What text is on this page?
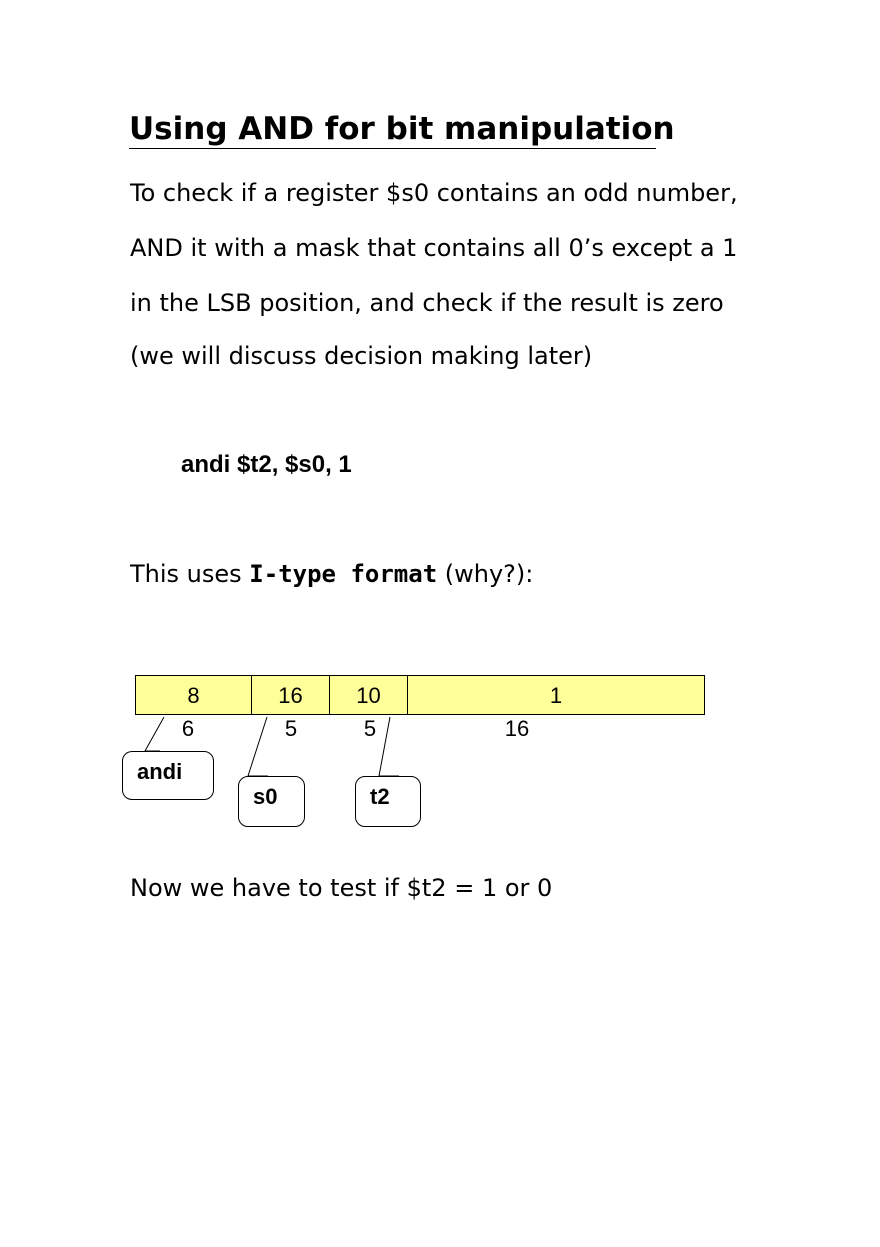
Using AND for bit manipulation

To check if a register $s0 contains an odd number,

AND it with a mask that contains all 0’s except a 1

in the LSB position, and check if the result is zero

(we will discuss decision making later)

andi $t2, $s0, 1

This uses I-type format (why?):

8	16	10	1
6	5	5	16
andi
s0	t2

Now we have to test if $t2 = 1 or 0
